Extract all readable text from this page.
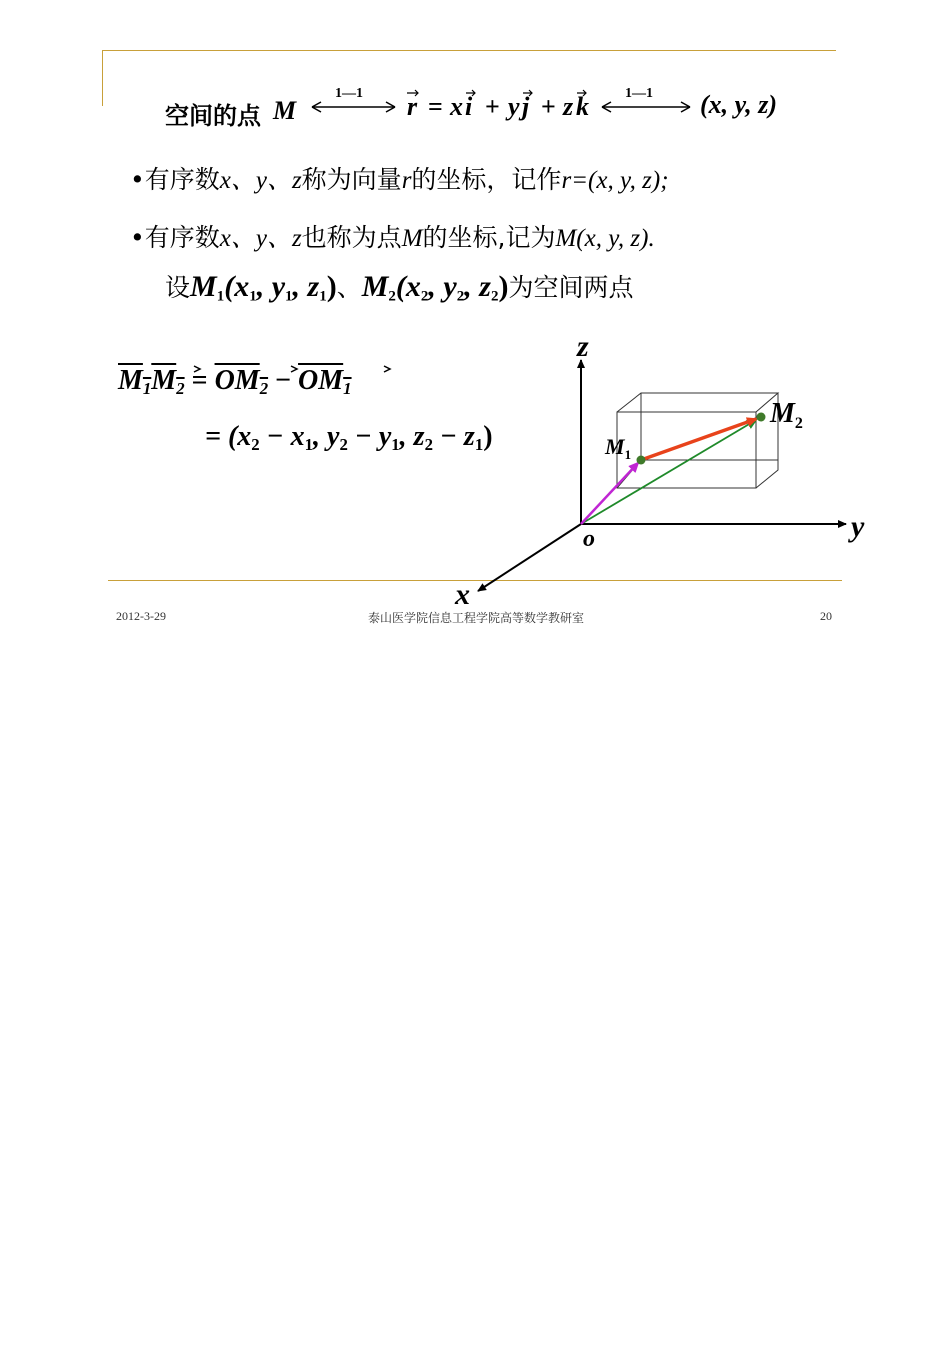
空间的点 M
1—1 r = x i + y j + z k	1—1 (x, y, z)
•有序数x、y、z称为向量r的坐标，记作r=(x, y, z);
•有序数x、y、z也称为点M的坐标,记为M(x, y, z).
设$M_1(x_1$, $y_1$, $z_1$)、$M_2(x_2$, $y_2$, $z_2$)为空间两点
$M_1M_2 = OM_2 - OM_1$
= ($x_2 - x_1$, $y_2 - y_1$, $z_2 - z_1$)
z
y
x
o
$M_1$
$M_2$
2012-3-29	泰山医学院信息工程学院高等数学教研室	20
